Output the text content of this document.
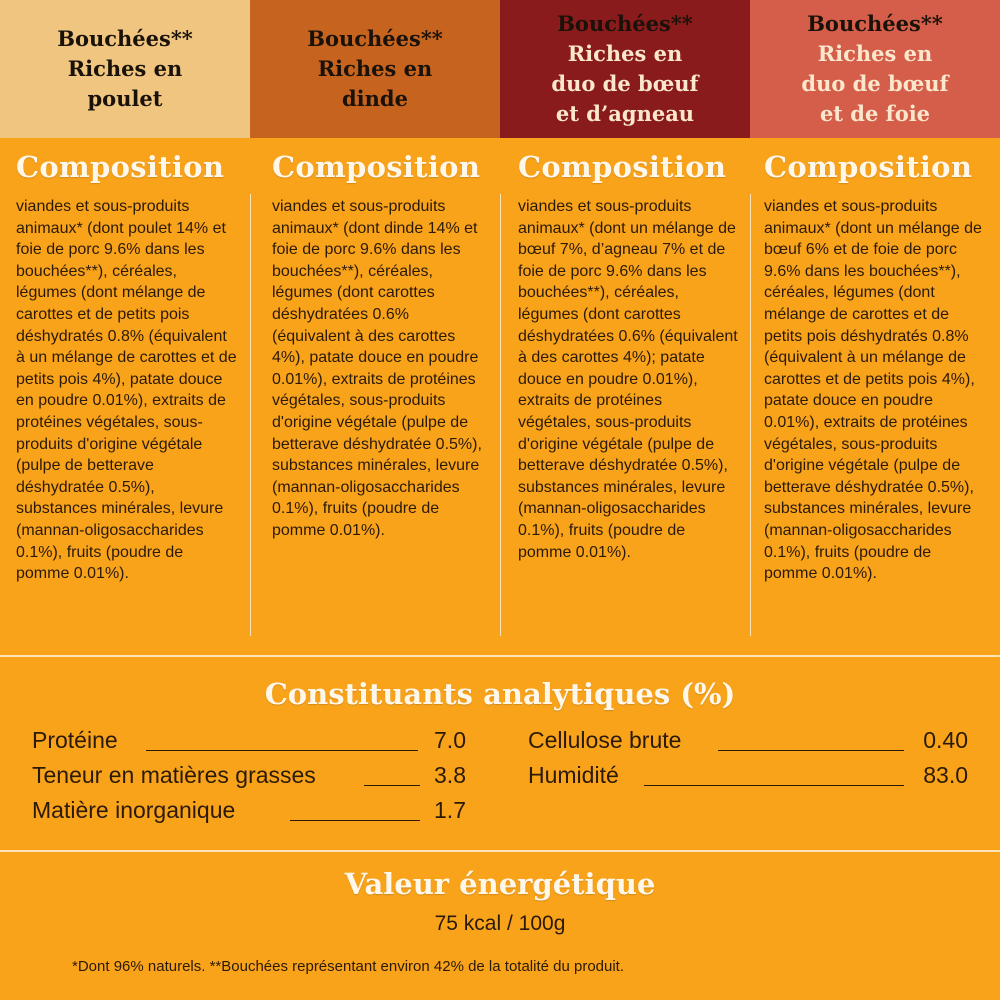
Bouchées**
Riches en
poulet
Bouchées**
Riches en
dinde
Bouchées**
Riches en
duo de bœuf
et d’agneau
Bouchées**
Riches en
duo de bœuf
et de foie
Composition
viandes et sous-produits animaux* (dont poulet 14% et foie de porc 9.6% dans les bouchées**), céréales, légumes (dont mélange de carottes et de petits pois déshydratés 0.8% (équivalent à un mélange de carottes et de petits pois 4%), patate douce en poudre 0.01%), extraits de protéines végétales, sous-produits d'origine végétale (pulpe de betterave déshydratée 0.5%), substances minérales, levure (mannan-oligosaccharides 0.1%), fruits (poudre de pomme 0.01%).
Composition
viandes et sous-produits animaux* (dont dinde 14% et foie de porc 9.6% dans les bouchées**), céréales, légumes (dont carottes déshydratées 0.6% (équivalent à des carottes 4%), patate douce en poudre 0.01%), extraits de protéines végétales, sous-produits d'origine végétale (pulpe de betterave déshydratée 0.5%), substances minérales, levure (mannan-oligosaccharides 0.1%), fruits (poudre de pomme 0.01%).
Composition
viandes et sous-produits animaux* (dont un mélange de bœuf 7%, d’agneau 7% et de foie de porc 9.6% dans les bouchées**), céréales, légumes (dont carottes déshydratées 0.6% (équivalent à des carottes 4%); patate douce en poudre 0.01%), extraits de protéines végétales, sous-produits d'origine végétale (pulpe de betterave déshydratée 0.5%), substances minérales, levure (mannan-oligosaccharides 0.1%), fruits (poudre de pomme 0.01%).
Composition
viandes et sous-produits animaux* (dont un mélange de bœuf 6% et de foie de porc 9.6% dans les bouchées**), céréales, légumes (dont mélange de carottes et de petits pois déshydratés 0.8% (équivalent à un mélange de carottes et de petits pois 4%), patate douce en poudre 0.01%), extraits de protéines végétales, sous-produits d'origine végétale (pulpe de betterave déshydratée 0.5%), substances minérales, levure (mannan-oligosaccharides 0.1%), fruits (poudre de pomme 0.01%).
Constituants analytiques (%)
Protéine	7.0
Teneur en matières grasses	3.8
Matière inorganique	1.7
Cellulose brute	0.40
Humidité	83.0
Valeur énergétique
75 kcal / 100g
*Dont 96% naturels. **Bouchées représentant environ 42% de la totalité du produit.
